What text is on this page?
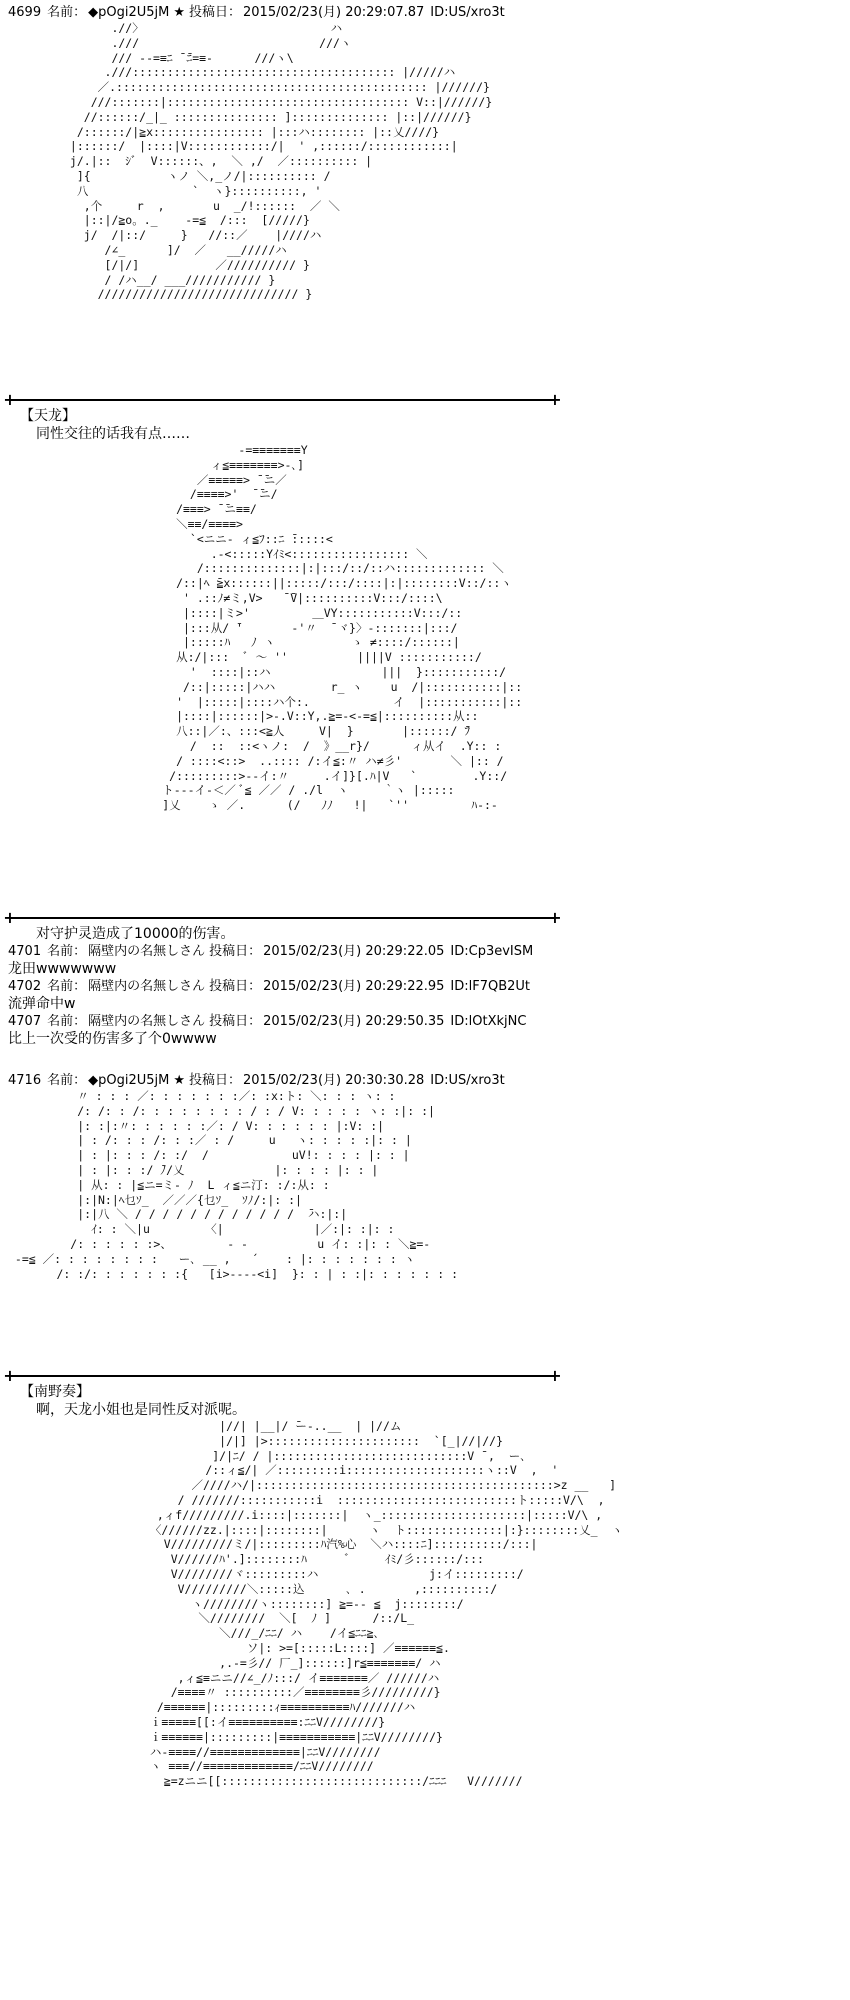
4699 名前： ◆pOgi2U5jM ★ 投稿日： 2015/02/23(月) 20:29:07.87 ID:US/xro3t
.//〉                           ハ
.///                          ///ヽ
/// --=≡ﾆ ̄ ̄ﾆ=≡-      ///ヽ\
.///:::::::::::::::::::::::::::::::::::::: |/////ハ
／.::::::::::::::::::::::::::::::::::::::::::::: |//////}
///:::::::|::::::::::::::::::::::::::::::::::: V::|//////}
//::::::/_|_ ::::::::::::::: ]:::::::::::::: |::|//////}
/::::::/|≧x:::::::::::::::: |:::ハ:::::::: |::乂////}
|::::::/  |::::|V::::::::::::/|  ' ,::::::/::::::::::::|
j/.|::  ｼﾞ  V::::::、,  ＼ ,/  ／:::::::::: |
]{           ヽノ ＼,_ノ/|:::::::::: /
八               `  ヽ}::::::::::, '
,个     r  ,       u  _/!::::::  ／ ＼
|::|/≧o。._    -=≦  /:::  [/////}
j/  /|::/     }   //::／    |////ハ
/∠_      ]/  ／   __/////ハ
[/|/]           ／////////// }
/ /ハ__/ ___/////////// }
///////////////////////////// }
+	+
【天龙】
同性交往的话我有点……
-=≡≡≡≡≡≡≡Y
ィ≦≡≡≡≡≡≡≡>-､]
／≡≡≡≡≡> ̄ ̄ニ／
/≡≡≡≡>'  ̄ ̄ニ/
/≡≡≡> ̄ ̄ニ≡≡/
＼≡≡/≡≡≡≡>
`<ニニ- ィ≦ﾌ::ﾆ ̄:::::<
.-<:::::Yｲﾐ<::::::::::::::::: ＼
/::::::::::::::|:|:::/::/::ハ::::::::::::: ＼
/::|ﾍ ̄≧x::::::||:::::/:::/::::|:|::::::::V::/::ヽ
' .::ﾉ≠ミ,V>   ̄ ̄V|::::::::::V:::/::::\
|::::|ミ>'         ＿VY:::::::::::V:::/::
|:::从/ ̄'       ‐'〃  ̄ ヾ}〉-:::::::|:::/
|:::::ﾊ   ﾉ ヽ           ゝ ≠::::/::::::|
从:/|:::  ﾞ ～ ''          ||||V :::::::::::/
'  ::::|::ハ                |||  }:::::::::::/
/::|:::::|ハハ        r_ ヽ    u  /|:::::::::::|::
'  |:::::|::::ハ个:.            イ  |:::::::::::|::
|::::|::::::|>-.V::Y,.≧=-<-=≦|::::::::::从::
八::|／:、:::<≧人     V|  }       |::::::/ ̄ﾌ
/  ::  ::<ヽノ:  /  》__r}/      ィ从イ  .Y:: :
/ ::::<::>  ..:::: /:イ≦:〃 ハ≠彡'       ＼ |:: /
/:::::::::>--イ:〃     .イ]}[.ﾊ|V   `        .Y::/
ト---イ-＜／ ﾞ≦ ／／ / ./l  ヽ     ｀ヽ |:::::
]乂    ゝ ／.      (/   ﾉﾉ   !|   `''         ﾊ-:-
+	+
对守护灵造成了10000的伤害。
4701 名前： 隔壁内の名無しさん 投稿日： 2015/02/23(月) 20:29:22.05 ID:Cp3evISM
龙田wwwwwww
4702 名前： 隔壁内の名無しさん 投稿日： 2015/02/23(月) 20:29:22.95 ID:lF7QB2Ut
流弹命中w
4707 名前： 隔壁内の名無しさん 投稿日： 2015/02/23(月) 20:29:50.35 ID:lOtXkjNC
比上一次受的伤害多了个0wwww
4716 名前： ◆pOgi2U5jM ★ 投稿日： 2015/02/23(月) 20:30:30.28 ID:US/xro3t
〃 : : : ／: : : : : : :／: :x:ト: ＼: : : ヽ: :
/: /: : /: : : : : : : : / : / V: : : : : ヽ: :|: :|
|: :|:〃: : : : : :／: / V: : : : : : |:V: :|
| : /: : : /: : :／ : /     u   ヽ: : : : :|: : |
| : |: : : /: :/  /            uV!: : : : |: : |
| : |: : :/ ̄ﾉ/乂             |: : : : |: : |
| 从: : |≦ニ=ミ- ﾉ  L ィ≦ニ汀: :/:从: :
|:|N:|ﾍ乜ｿ_  ／／／{乜ｿ_  ｿﾉ/:|: :|
|:|八 ＼ / / / / / / / / / / / /  ̄ハ:|:|
ｲ: : ＼|u        〈|             |／:|: :|: :
/: : : : : :>、        ‐ ‐          u イ: :|: : ＼≧=-
-=≦ ／: : : : : : : :   ー､ __ ,   ´    : |: : : : : : : ヽ
/: :/: : : : : : :{   [i>----<i]  }: : | : :|: : : : : : :
+	+
【南野奏】
啊，天龙小姐也是同性反对派呢。
|//| |__|/ ̄ー-..__  | |//ム
|/|] |>::::::::::::::::::::::  `[_|//|//}
]/|ﾆ/ / |::::::::::::::::::::::::::::V ̄ ,  ー､
/::ィ≦/| ／:::::::::i::::::::::::::::::::ヽ::V  ,  '
／////ハ/|:::::::::::::::::::::::::::::::::::::::::::>z __   ]
/ ///////:::::::::::i  ::::::::::::::::::::::::::ト:::::V/\  ,
,ィf/////////.i::::|:::::::|  ヽ_:::::::::::::::::::::|:::::V/\ ,
〈//////zz.|::::|::::::::|      ヽ  ト::::::::::::::|:}::::::::乂_  ヽ
V/////////ミ/|:::::::::ﾊ汽%心  ＼ハ::::ﾆ]::::::::::/:::|
V//////ﾊ'.]::::::::ﾊ      ﾞ     ｲﾐ/彡::::::/:::
V////////ヾ:::::::::ハ                j:イ:::::::::/
V/////////＼:::::込      ､ .       ,::::::::::/
ヽ////////ヽ::::::::] ≧=-- ≦  j::::::::/
＼////////  ＼[  ﾉ ]      /::/L_
＼///_/ﾆﾆ/ ハ    /イ≦ﾆﾆ≧､
ソ|: >=[:::::L::::] ／≡≡≡≡≡≡≦.
,.-=彡// 厂_]::::::]r≦≡≡≡≡≡≡≡/ ハ
,ィ≦≡ニニ//∠_/ﾉ:::/ イ≡≡≡≡≡≡≡／ //////ハ
/≡≡≡≡〃 ::::::::::／≡≡≡≡≡≡≡≡彡/////////}
/≡≡≡≡≡≡|:::::::::ｨ≡≡≡≡≡≡≡≡≡≡ﾊ///////ハ
ｉ≡≡≡≡≡[[:イ≡≡≡≡≡≡≡≡≡≡:ﾆﾆV////////}
ｉ≡≡≡≡≡≡|:::::::::|≡≡≡≡≡≡≡≡≡≡≡|ﾆﾆV////////}
ハ-≡≡≡≡//≡≡≡≡≡≡≡≡≡≡≡≡≡|ﾆﾆV////////
ヽ ≡≡≡//≡≡≡≡≡≡≡≡≡≡≡≡≡/ﾆﾆV////////
≧=zニニ[[:::::::::::::::::::::::::::::/ﾆﾆﾆ   V///////
